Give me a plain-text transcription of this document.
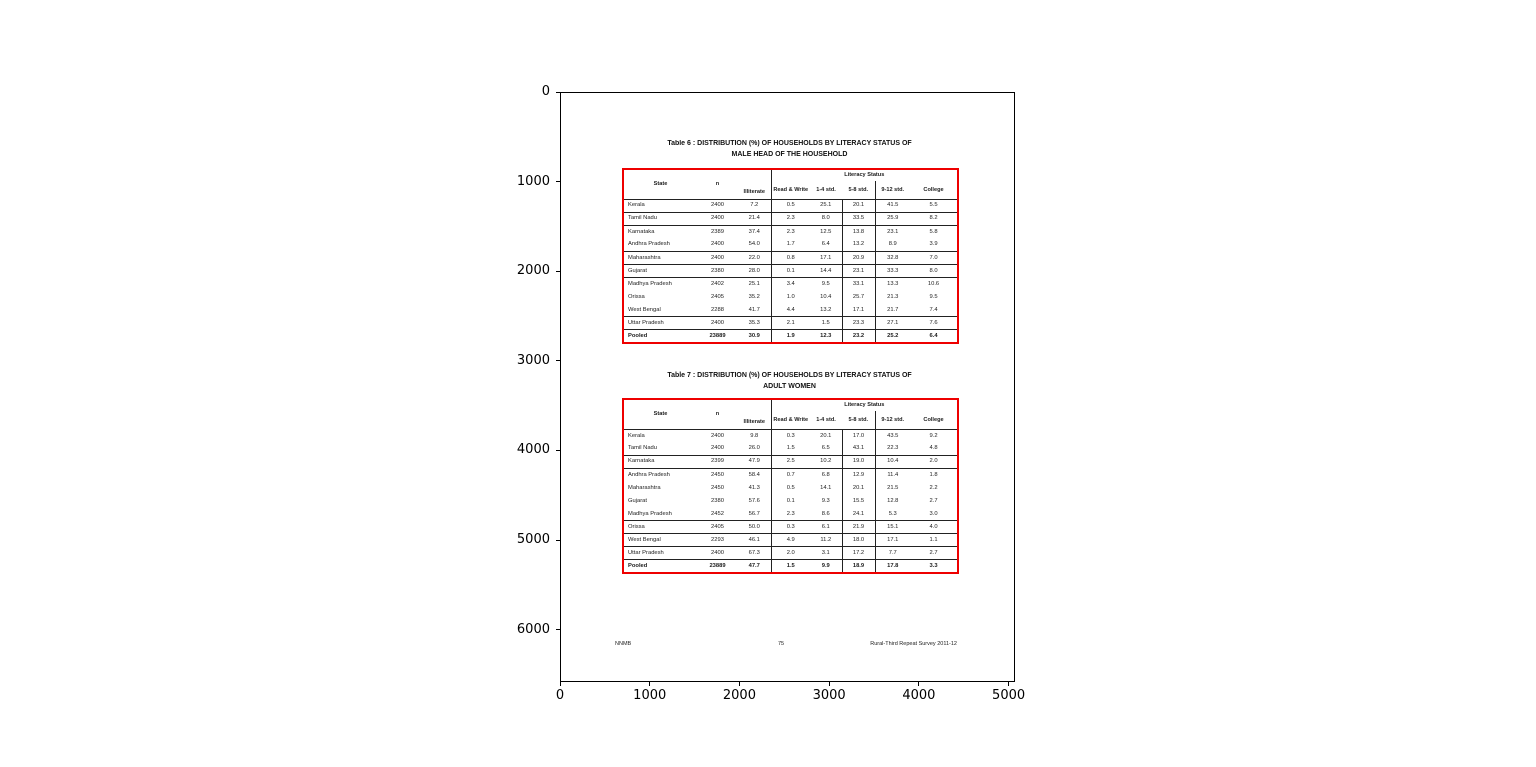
0	1000	2000	3000	4000	5000
0
1000
2000
3000
4000
5000
6000
Table 6 : DISTRIBUTION (%) OF HOUSEHOLDS BY LITERACY STATUS OF
MALE HEAD OF THE HOUSEHOLD
State	n	Illiterate	Literacy Status				
			Read & Write	1-4 std.	5-8 std.	9-12 std.	College
Kerala	2400	7.2	0.5	25.1	20.1	41.5	5.5
Tamil Nadu	2400	21.4	2.3	8.0	33.5	25.9	8.2
Karnataka	2389	37.4	2.3	12.5	13.8	23.1	5.8
Andhra Pradesh	2400	54.0	1.7	6.4	13.2	8.9	3.9
Maharashtra	2400	22.0	0.8	17.1	20.9	32.8	7.0
Gujarat	2380	28.0	0.1	14.4	23.1	33.3	8.0
Madhya Pradesh	2402	25.1	3.4	9.5	33.1	13.3	10.6
Orissa	2405	35.2	1.0	10.4	25.7	21.3	9.5
West Bengal	2288	41.7	4.4	13.2	17.1	21.7	7.4
Uttar Pradesh	2400	35.3	2.1	1.5	23.3	27.1	7.6
Pooled	23889	30.9	1.9	12.3	23.2	25.2	6.4
Table 7 : DISTRIBUTION (%) OF HOUSEHOLDS BY LITERACY STATUS OF
ADULT WOMEN
State	n	Illiterate	Literacy Status				
			Read & Write	1-4 std.	5-8 std.	9-12 std.	College
Kerala	2400	9.8	0.3	20.1	17.0	43.5	9.2
Tamil Nadu	2400	26.0	1.5	6.5	43.1	22.3	4.8
Karnataka	2399	47.9	2.5	10.2	19.0	10.4	2.0
Andhra Pradesh	2450	58.4	0.7	6.8	12.9	11.4	1.8
Maharashtra	2450	41.3	0.5	14.1	20.1	21.5	2.2
Gujarat	2380	57.6	0.1	9.3	15.5	12.8	2.7
Madhya Pradesh	2452	56.7	2.3	8.6	24.1	5.3	3.0
Orissa	2405	50.0	0.3	6.1	21.9	15.1	4.0
West Bengal	2293	46.1	4.9	11.2	18.0	17.1	1.1
Uttar Pradesh	2400	67.3	2.0	3.1	17.2	7.7	2.7
Pooled	23889	47.7	1.5	9.9	18.9	17.8	3.3
NNMB	75	Rural-Third Repeat Survey 2011-12
